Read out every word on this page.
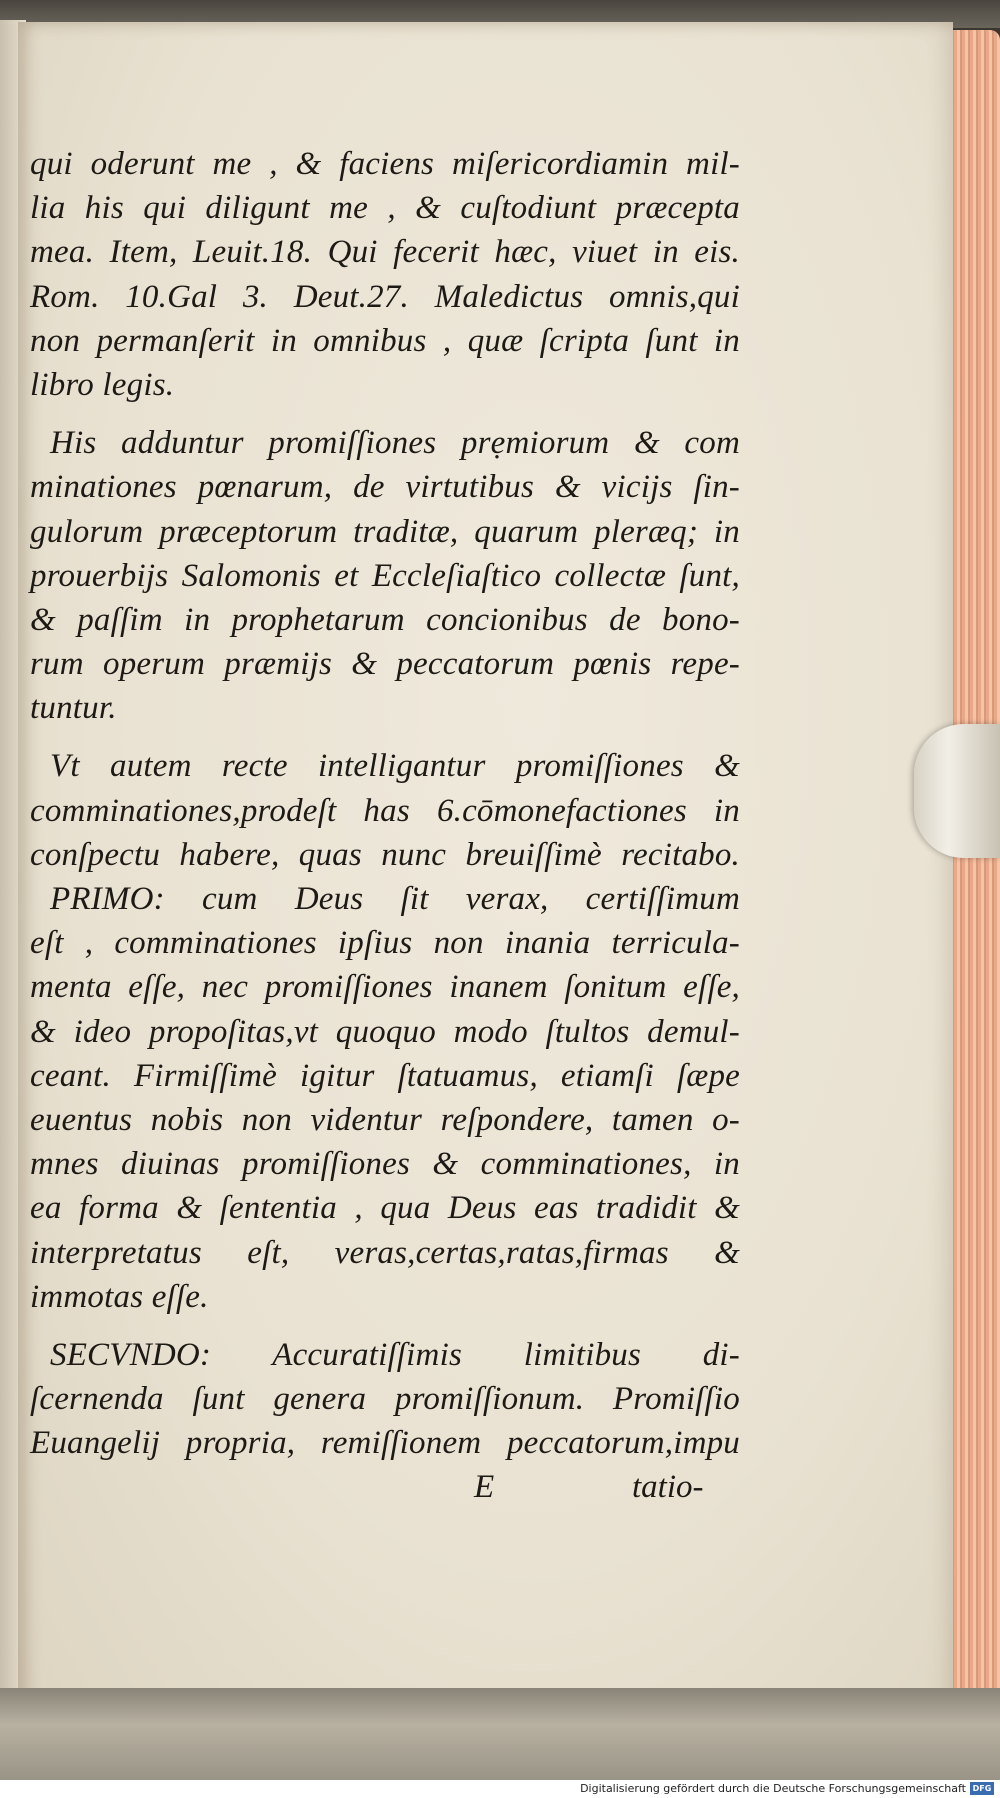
qui oderunt me , & faciens miſericordiamin mil-
lia his qui diligunt me , & cuſtodiunt præcepta
mea. Item, Leuit.18. Qui fecerit hæc, viuet in eis.
Rom. 10.Gal 3. Deut.27. Maledictus omnis,qui
non permanſerit in omnibus , quæ ſcripta ſunt in
libro legis.
His adduntur promiſſiones prẹmiorum & com
minationes pœnarum, de virtutibus & vicijs ſin-
gulorum præceptorum traditæ, quarum pleræq; in
prouerbijs Salomonis et Eccleſiaſtico collectæ ſunt,
& paſſim in prophetarum concionibus de bono-
rum operum præmijs & peccatorum pœnis repe-
tuntur.
Vt autem recte intelligantur promiſſiones &
comminationes,prodeſt has 6.cōmonefactiones in
conſpectu habere, quas nunc breuiſſimè recitabo.
PRIMO: cum Deus ſit verax, certiſſimum
eſt , comminationes ipſius non inania terricula-
menta eſſe, nec promiſſiones inanem ſonitum eſſe,
& ideo propoſitas,vt quoquo modo ſtultos demul-
ceant. Firmiſſimè igitur ſtatuamus, etiamſi ſæpe
euentus nobis non videntur reſpondere, tamen o-
mnes diuinas promiſſiones & comminationes, in
ea forma & ſententia , qua Deus eas tradidit &
interpretatus eſt, veras,certas,ratas,firmas &
immotas eſſe.
SECVNDO: Accuratiſſimis limitibus di-
ſcernenda ſunt genera promiſſionum. Promiſſio
Euangelij propria, remiſſionem peccatorum,impu
E	tatio-
Digitalisierung gefördert durch die Deutsche Forschungsgemeinschaft DFG
